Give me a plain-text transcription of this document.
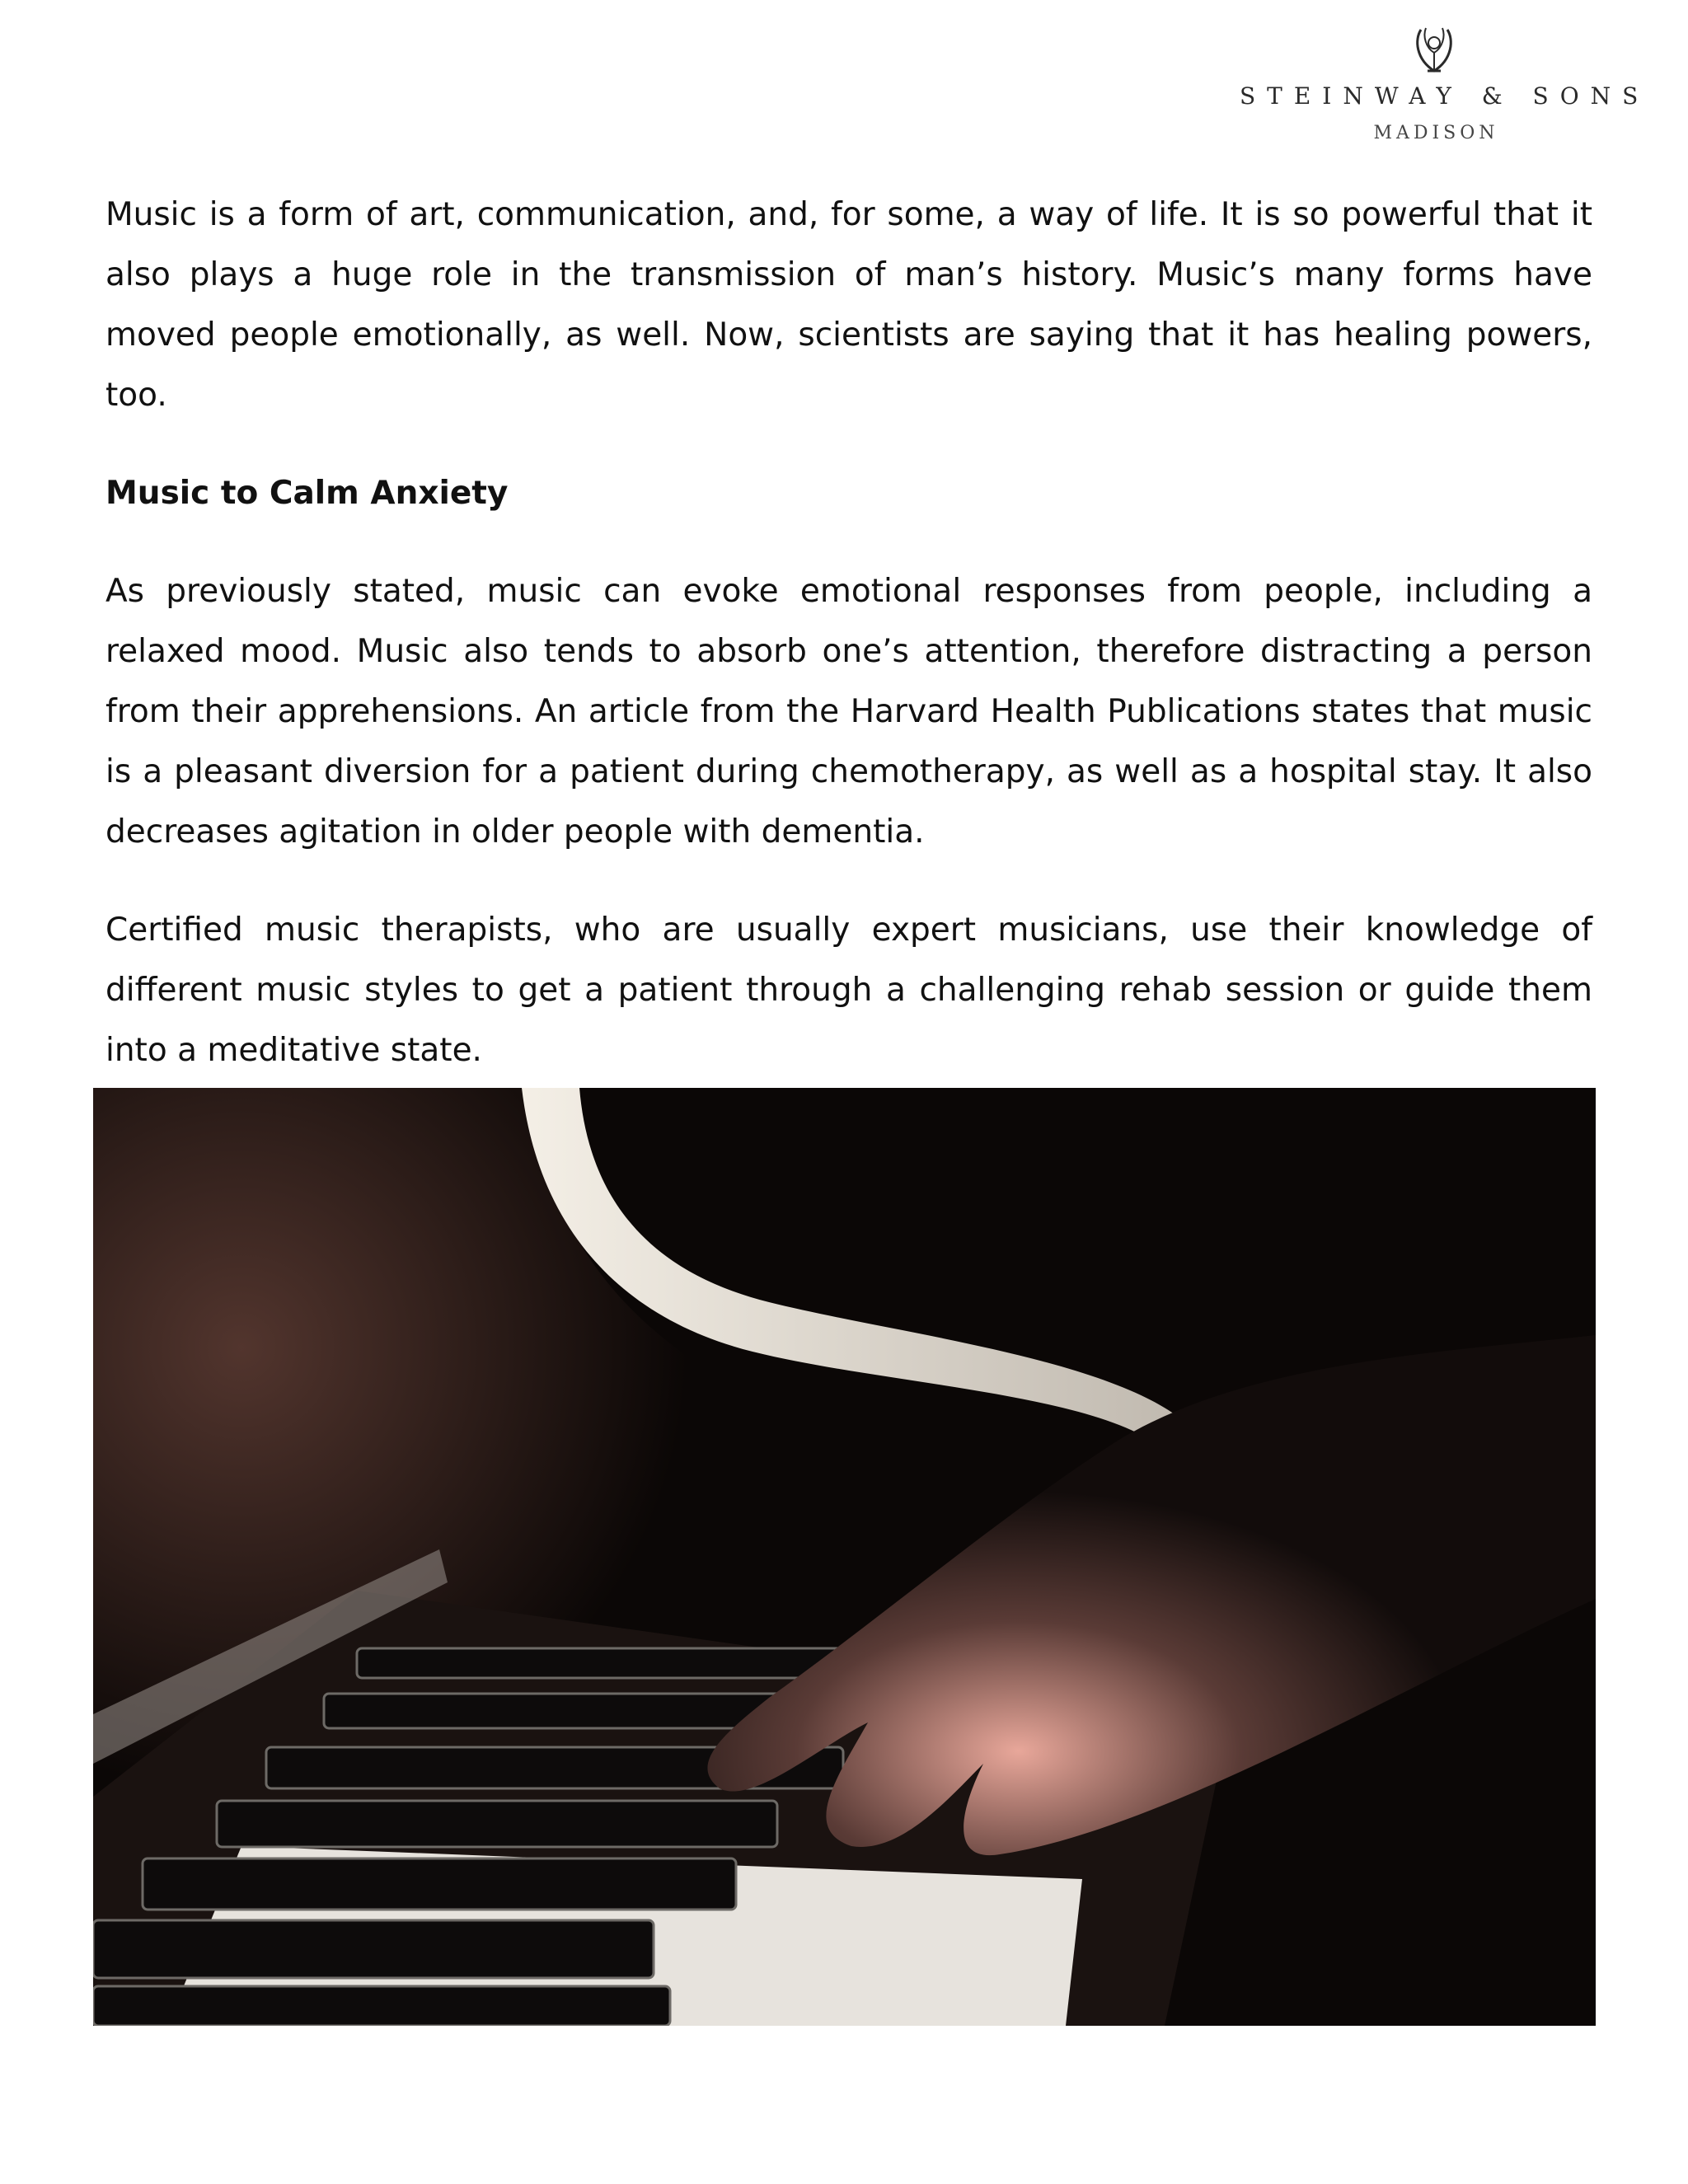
STEINWAY & SONS
MADISON

Music is a form of art, communication, and, for some, a way of life. It is so powerful that it also plays a huge role in the transmission of man’s history. Music’s many forms have moved people emotionally, as well. Now, scientists are saying that it has healing powers, too.

Music to Calm Anxiety

As previously stated, music can evoke emotional responses from people, including a relaxed mood. Music also tends to absorb one’s attention, therefore distracting a person from their apprehensions. An article from the Harvard Health Publications states that music is a pleasant diversion for a patient during chemotherapy, as well as a hospital stay. It also decreases agitation in older people with dementia.

Certified music therapists, who are usually expert musicians, use their knowledge of different music styles to get a patient through a challenging rehab session or guide them into a meditative state.
